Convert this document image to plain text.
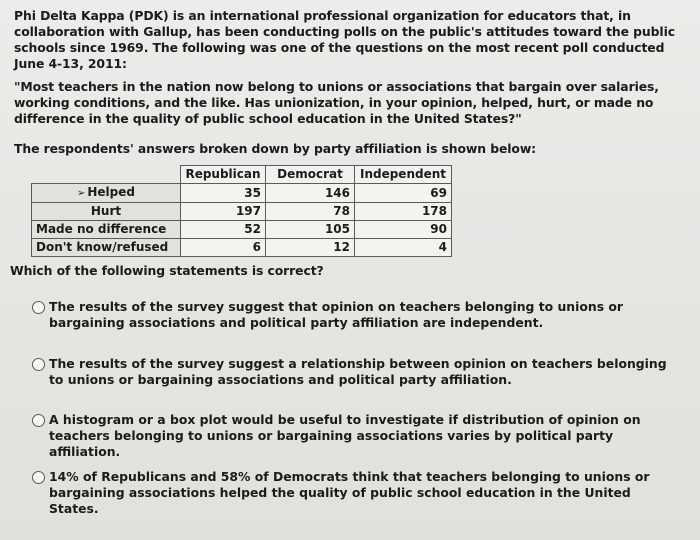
Phi Delta Kappa (PDK) is an international professional organization for educators that, in collaboration with Gallup, has been conducting polls on the public's attitudes toward the public schools since 1969. The following was one of the questions on the most recent poll conducted June 4-13, 2011:

"Most teachers in the nation now belong to unions or associations that bargain over salaries, working conditions, and the like. Has unionization, in your opinion, helped, hurt, or made no difference in the quality of public school education in the United States?"

The respondents' answers broken down by party affiliation is shown below:

	Republican	Democrat	Independent
➢ Helped	35	146	69
Hurt	197	78	178
Made no difference	52	105	90
Don't know/refused	6	12	4

Which of the following statements is correct?

The results of the survey suggest that opinion on teachers belonging to unions or bargaining associations and political party affiliation are independent.
The results of the survey suggest a relationship between opinion on teachers belonging to unions or bargaining associations and political party affiliation.
A histogram or a box plot would be useful to investigate if distribution of opinion on teachers belonging to unions or bargaining associations varies by political party affiliation.
14% of Republicans and 58% of Democrats think that teachers belonging to unions or bargaining associations helped the quality of public school education in the United States.
